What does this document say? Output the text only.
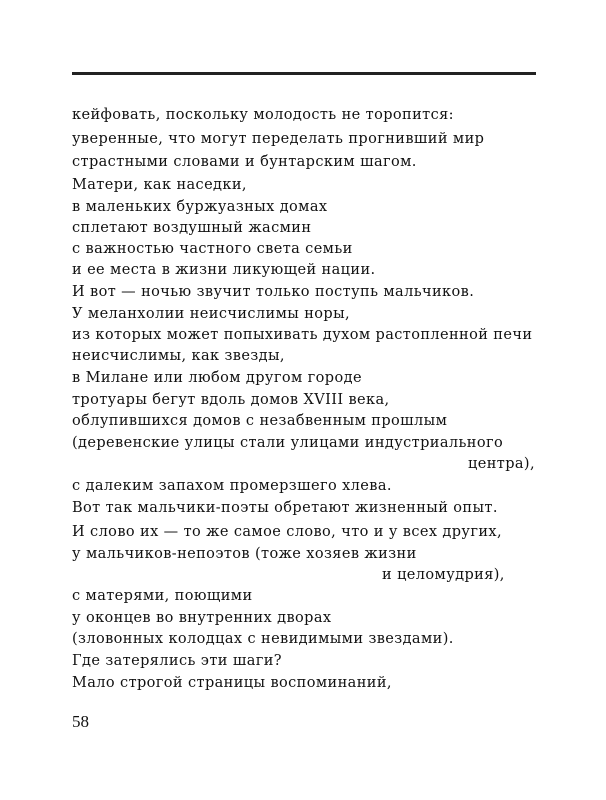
кейфовать, поскольку молодость не торопится:
уверенные, что могут переделать прогнивший мир
страстными словами и бунтарским шагом.
Матери, как наседки,
в маленьких буржуазных домах
сплетают воздушный жасмин
с важностью частного света семьи
и ее места в жизни ликующей нации.
И вот — ночью звучит только поступь мальчиков.
У меланхолии неисчислимы норы,
из которых может попыхивать духом растопленной печи
неисчислимы, как звезды,
в Милане или любом другом городе
тротуары бегут вдоль домов XVIII века,
облупившихся домов с незабвенным прошлым
(деревенские улицы стали улицами индустриального
центра),
с далеким запахом промерзшего хлева.
Вот так мальчики-поэты обретают жизненный опыт.
И слово их — то же самое слово, что и у всех других,
у мальчиков-непоэтов (тоже хозяев жизни
и целомудрия),
с матерями, поющими
у оконцев во внутренних дворах
(зловонных колодцах с невидимыми звездами).
Где затерялись эти шаги?
Мало строгой страницы воспоминаний,
58
